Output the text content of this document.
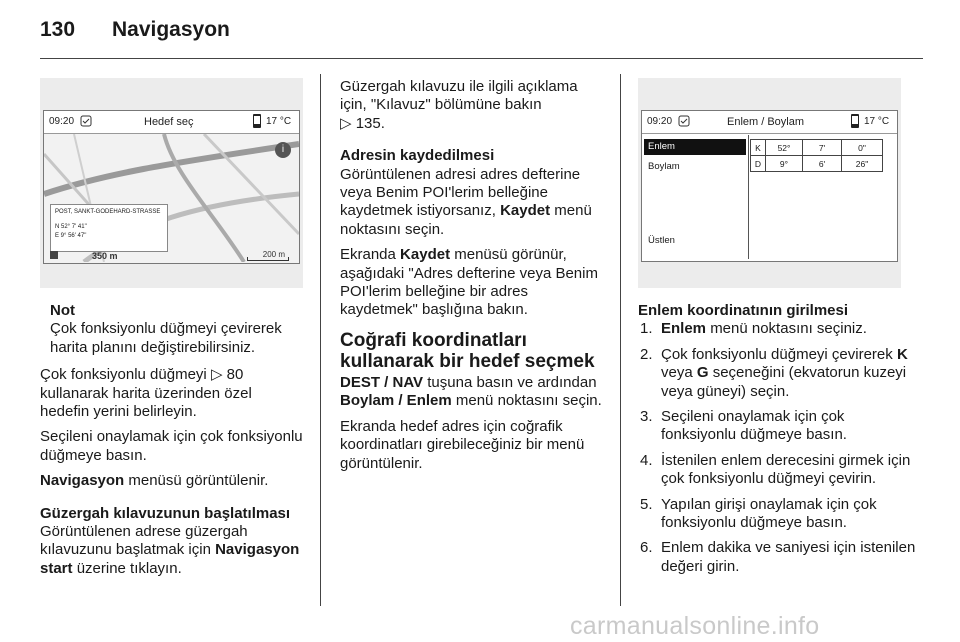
130 Navigasyon
09:20	Hedef seç	17 °C
i
POST, SANKT-GODEHARD-STRASSE
N 52° 7' 41"
E 9° 56' 47"
350 m	200 m
Not
Çok fonksiyonlu düğmeyi çevirerek harita planını değiştirebilirsiniz.

Çok fonksiyonlu düğmeyi ▷ 80 kullanarak harita üzerinden özel hedefin yerini belirleyin.

Seçileni onaylamak için çok fonksiyonlu düğmeye basın.

Navigasyon menüsü görüntülenir.

Güzergah kılavuzunun başlatılması

Görüntülenen adrese güzergah kılavuzunu başlatmak için Navigasyon start üzerine tıklayın.

Güzergah kılavuzu ile ilgili açıklama için, "Kılavuz" bölümüne bakın
▷ 135.

Adresin kaydedilmesi

Görüntülenen adresi adres defterine veya Benim POI'lerim belleğine kaydetmek istiyorsanız, Kaydet menü noktasını seçin.

Ekranda Kaydet menüsü görünür, aşağıdaki "Adres defterine veya Benim POI'lerim belleğine bir adres kaydetmek" başlığına bakın.

Coğrafi koordinatları kullanarak bir hedef seçmek

DEST / NAV tuşuna basın ve ardından Boylam / Enlem menü noktasını seçin.

Ekranda hedef adres için coğrafik koordinatları girebileceğiniz bir menü görüntülenir.

09:20	Enlem / Boylam	17 °C
Enlem
Boylam
Üstlen
K	52°	7'	0"
D	9°	6'	26"

Enlem koordinatının girilmesi

1. Enlem menü noktasını seçiniz.
2. Çok fonksiyonlu düğmeyi çevirerek K veya G seçeneğini (ekvatorun kuzeyi veya güneyi) seçin.
3. Seçileni onaylamak için çok fonksiyonlu düğmeye basın.
4. İstenilen enlem derecesini girmek için çok fonksiyonlu düğmeyi çevirin.
5. Yapılan girişi onaylamak için çok fonksiyonlu düğmeye basın.
6. Enlem dakika ve saniyesi için istenilen değeri girin.
carmanualsonline.info
